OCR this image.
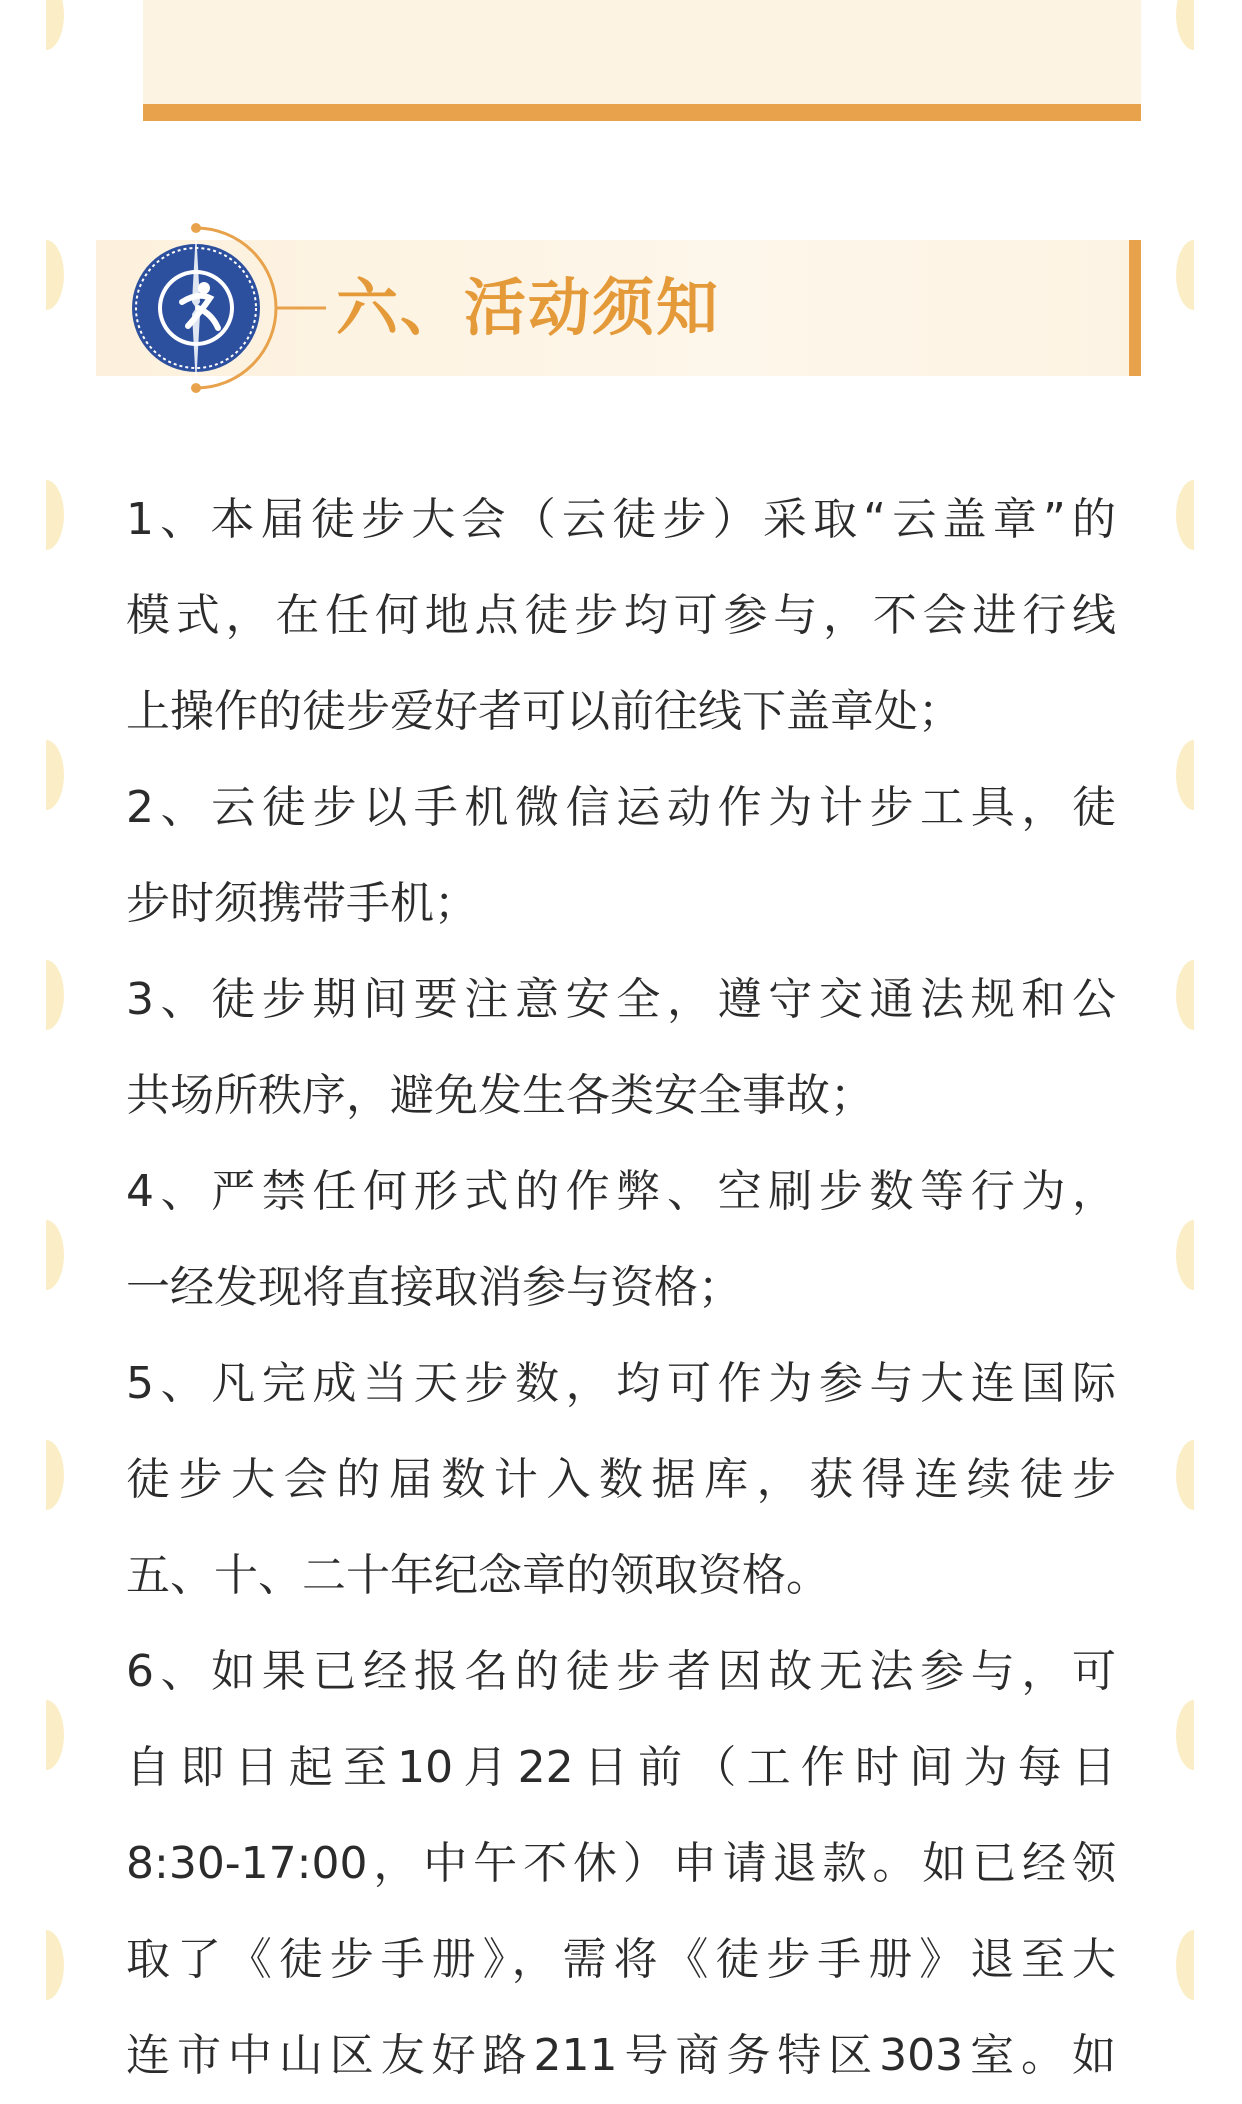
六、活动须知
1、本届徒步大会（云徒步）采取“云盖章”的
模式，在任何地点徒步均可参与，不会进行线
上操作的徒步爱好者可以前往线下盖章处；
2、云徒步以手机微信运动作为计步工具，徒
步时须携带手机；
3、徒步期间要注意安全，遵守交通法规和公
共场所秩序，避免发生各类安全事故；
4、严禁任何形式的作弊、空刷步数等行为，
一经发现将直接取消参与资格；
5、凡完成当天步数，均可作为参与大连国际
徒步大会的届数计入数据库，获得连续徒步
五、十、二十年纪念章的领取资格。
6、如果已经报名的徒步者因故无法参与，可
自即日起至10月22日前（工作时间为每日
8:30-17:00，中午不休）申请退款。如已经领
取了《徒步手册》，需将《徒步手册》退至大
连市中山区友好路211号商务特区303室。如
